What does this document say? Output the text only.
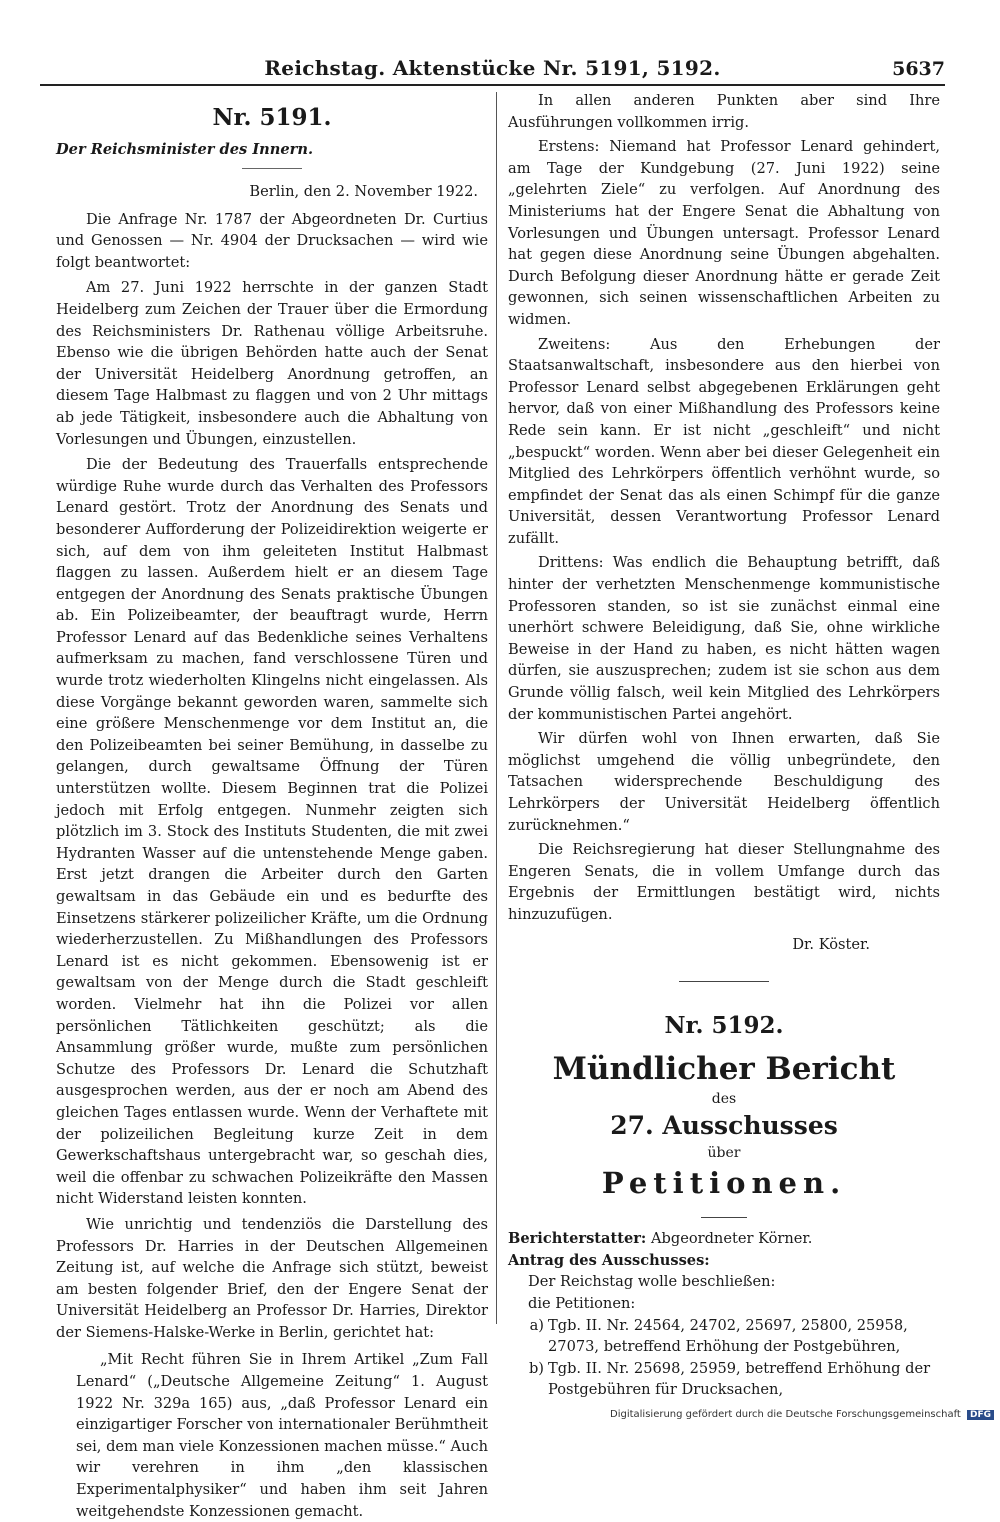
Reichstag. Aktenstücke Nr. 5191, 5192.	5637
Nr. 5191.
Der Reichsminister des Innern.

Berlin, den 2. November 1922.

Die Anfrage Nr. 1787 der Abgeordneten Dr. Curtius und Genossen — Nr. 4904 der Drucksachen — wird wie folgt beantwortet:

Am 27. Juni 1922 herrschte in der ganzen Stadt Heidelberg zum Zeichen der Trauer über die Ermordung des Reichsministers Dr. Rathenau völlige Arbeitsruhe. Ebenso wie die übrigen Behörden hatte auch der Senat der Universität Heidelberg Anordnung getroffen, an diesem Tage Halbmast zu flaggen und von 2 Uhr mittags ab jede Tätigkeit, insbesondere auch die Abhaltung von Vorlesungen und Übungen, einzustellen.

Die der Bedeutung des Trauerfalls entsprechende würdige Ruhe wurde durch das Verhalten des Professors Lenard gestört. Trotz der Anordnung des Senats und besonderer Aufforderung der Polizeidirektion weigerte er sich, auf dem von ihm geleiteten Institut Halbmast flaggen zu lassen. Außerdem hielt er an diesem Tage entgegen der Anordnung des Senats praktische Übungen ab. Ein Polizeibeamter, der beauftragt wurde, Herrn Professor Lenard auf das Bedenkliche seines Verhaltens aufmerksam zu machen, fand verschlossene Türen und wurde trotz wiederholten Klingelns nicht eingelassen. Als diese Vorgänge bekannt geworden waren, sammelte sich eine größere Menschenmenge vor dem Institut an, die den Polizeibeamten bei seiner Bemühung, in dasselbe zu gelangen, durch gewaltsame Öffnung der Türen unterstützen wollte. Diesem Beginnen trat die Polizei jedoch mit Erfolg entgegen. Nunmehr zeigten sich plötzlich im 3. Stock des Instituts Studenten, die mit zwei Hydranten Wasser auf die untenstehende Menge gaben. Erst jetzt drangen die Arbeiter durch den Garten gewaltsam in das Gebäude ein und es bedurfte des Einsetzens stärkerer polizeilicher Kräfte, um die Ordnung wiederherzustellen. Zu Mißhandlungen des Professors Lenard ist es nicht gekommen. Ebensowenig ist er gewaltsam von der Menge durch die Stadt geschleift worden. Vielmehr hat ihn die Polizei vor allen persönlichen Tätlichkeiten geschützt; als die Ansammlung größer wurde, mußte zum persönlichen Schutze des Professors Dr. Lenard die Schutzhaft ausgesprochen werden, aus der er noch am Abend des gleichen Tages entlassen wurde. Wenn der Verhaftete mit der polizeilichen Begleitung kurze Zeit in dem Gewerkschaftshaus untergebracht war, so geschah dies, weil die offenbar zu schwachen Polizeikräfte den Massen nicht Widerstand leisten konnten.

Wie unrichtig und tendenziös die Darstellung des Professors Dr. Harries in der Deutschen Allgemeinen Zeitung ist, auf welche die Anfrage sich stützt, beweist am besten folgender Brief, den der Engere Senat der Universität Heidelberg an Professor Dr. Harries, Direktor der Siemens-Halske-Werke in Berlin, gerichtet hat:

„Mit Recht führen Sie in Ihrem Artikel „Zum Fall Lenard“ („Deutsche Allgemeine Zeitung“ 1. August 1922 Nr. 329a 165) aus, „daß Professor Lenard ein einzigartiger Forscher von internationaler Berühmtheit sei, dem man viele Konzessionen machen müsse.“ Auch wir verehren in ihm „den klassischen Experimentalphysiker“ und haben ihm seit Jahren weitgehendste Konzessionen gemacht.

In allen anderen Punkten aber sind Ihre Ausführungen vollkommen irrig.

Erstens: Niemand hat Professor Lenard gehindert, am Tage der Kundgebung (27. Juni 1922) seine „gelehrten Ziele“ zu verfolgen. Auf Anordnung des Ministeriums hat der Engere Senat die Abhaltung von Vorlesungen und Übungen untersagt. Professor Lenard hat gegen diese Anordnung seine Übungen abgehalten. Durch Befolgung dieser Anordnung hätte er gerade Zeit gewonnen, sich seinen wissenschaftlichen Arbeiten zu widmen.

Zweitens: Aus den Erhebungen der Staatsanwaltschaft, insbesondere aus den hierbei von Professor Lenard selbst abgegebenen Erklärungen geht hervor, daß von einer Mißhandlung des Professors keine Rede sein kann. Er ist nicht „geschleift“ und nicht „bespuckt“ worden. Wenn aber bei dieser Gelegenheit ein Mitglied des Lehrkörpers öffentlich verhöhnt wurde, so empfindet der Senat das als einen Schimpf für die ganze Universität, dessen Verantwortung Professor Lenard zufällt.

Drittens: Was endlich die Behauptung betrifft, daß hinter der verhetzten Menschenmenge kommunistische Professoren standen, so ist sie zunächst einmal eine unerhört schwere Beleidigung, daß Sie, ohne wirkliche Beweise in der Hand zu haben, es nicht hätten wagen dürfen, sie auszusprechen; zudem ist sie schon aus dem Grunde völlig falsch, weil kein Mitglied des Lehrkörpers der kommunistischen Partei angehört.

Wir dürfen wohl von Ihnen erwarten, daß Sie möglichst umgehend die völlig unbegründete, den Tatsachen widersprechende Beschuldigung des Lehrkörpers der Universität Heidelberg öffentlich zurücknehmen.“

Die Reichsregierung hat dieser Stellungnahme des Engeren Senats, die in vollem Umfange durch das Ergebnis der Ermittlungen bestätigt wird, nichts hinzuzufügen.

Dr. Köster.

Nr. 5192.
Mündlicher Bericht
des
27. Ausschusses
über
Petitionen.

Berichterstatter: Abgeordneter Körner.

Antrag des Ausschusses:

Der Reichstag wolle beschließen:

die Petitionen:

a) Tgb. II. Nr. 24564, 24702, 25697, 25800, 25958, 27073, betreffend Erhöhung der Postgebühren,
b) Tgb. II. Nr. 25698, 25959, betreffend Erhöhung der Postgebühren für Drucksachen,
Digitalisierung gefördert durch die Deutsche Forschungsgemeinschaft DFG
